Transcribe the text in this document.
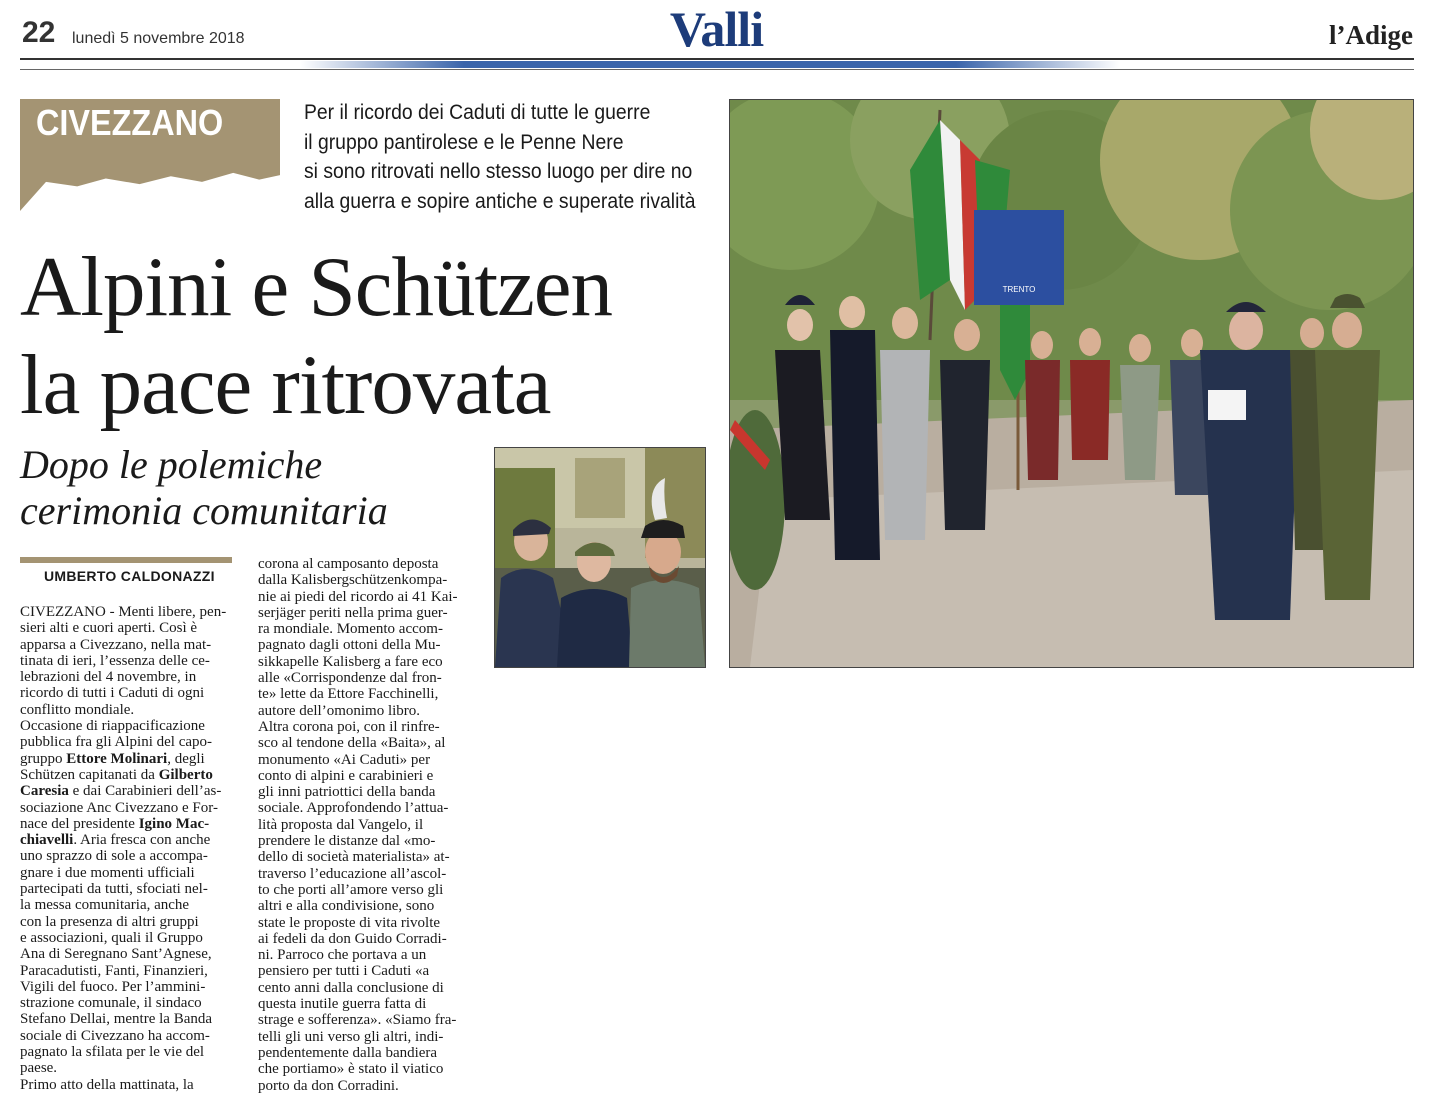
22 lunedì 5 novembre 2018	Valli	l’Adige
CIVEZZANO	Per il ricordo dei Caduti di tutte le guerre
il gruppo pantirolese e le Penne Nere
si sono ritrovati nello stesso luogo per dire no
alla guerra e sopire antiche e superate rivalità
Alpini e Schützen
la pace ritrovata
Dopo le polemiche
cerimonia comunitaria
UMBERTO CALDONAZZI
CIVEZZANO - Menti libere, pen-
sieri alti e cuori aperti. Così è
apparsa a Civezzano, nella mat-
tinata di ieri, l’essenza delle ce-
lebrazioni del 4 novembre, in
ricordo di tutti i Caduti di ogni
conflitto mondiale.
Occasione di riappacificazione
pubblica fra gli Alpini del capo-
gruppo Ettore Molinari, degli
Schützen capitanati da Gilberto
Caresia e dai Carabinieri dell’as-
sociazione Anc Civezzano e For-
nace del presidente Igino Mac-
chiavelli. Aria fresca con anche
uno sprazzo di sole a accompa-
gnare i due momenti ufficiali
partecipati da tutti, sfociati nel-
la messa comunitaria, anche
con la presenza di altri gruppi
e associazioni, quali il Gruppo
Ana di Seregnano Sant’Agnese,
Paracadutisti, Fanti, Finanzieri,
Vigili del fuoco. Per l’ammini-
strazione comunale, il sindaco
Stefano Dellai, mentre la Banda
sociale di Civezzano ha accom-
pagnato la sfilata per le vie del
paese.
Primo atto della mattinata, la
corona al camposanto deposta
dalla Kalisbergschützenkompa-
nie ai piedi del ricordo ai 41 Kai-
serjäger periti nella prima guer-
ra mondiale. Momento accom-
pagnato dagli ottoni della Mu-
sikkapelle Kalisberg a fare eco
alle «Corrispondenze dal fron-
te» lette da Ettore Facchinelli,
autore dell’omonimo libro.
Altra corona poi, con il rinfre-
sco al tendone della «Baita», al
monumento «Ai Caduti» per
conto di alpini e carabinieri e
gli inni patriottici della banda
sociale. Approfondendo l’attua-
lità proposta dal Vangelo, il
prendere le distanze dal «mo-
dello di società materialista» at-
traverso l’educazione all’ascol-
to che porti all’amore verso gli
altri e alla condivisione, sono
state le proposte di vita rivolte
ai fedeli da don Guido Corradi-
ni. Parroco che portava a un
pensiero per tutti i Caduti «a
cento anni dalla conclusione di
questa inutile guerra fatta di
strage e sofferenza». «Siamo fra-
telli gli uni verso gli altri, indi-
pendentemente dalla bandiera
che portiamo» è stato il viatico
porto da don Corradini.
TRENTO
